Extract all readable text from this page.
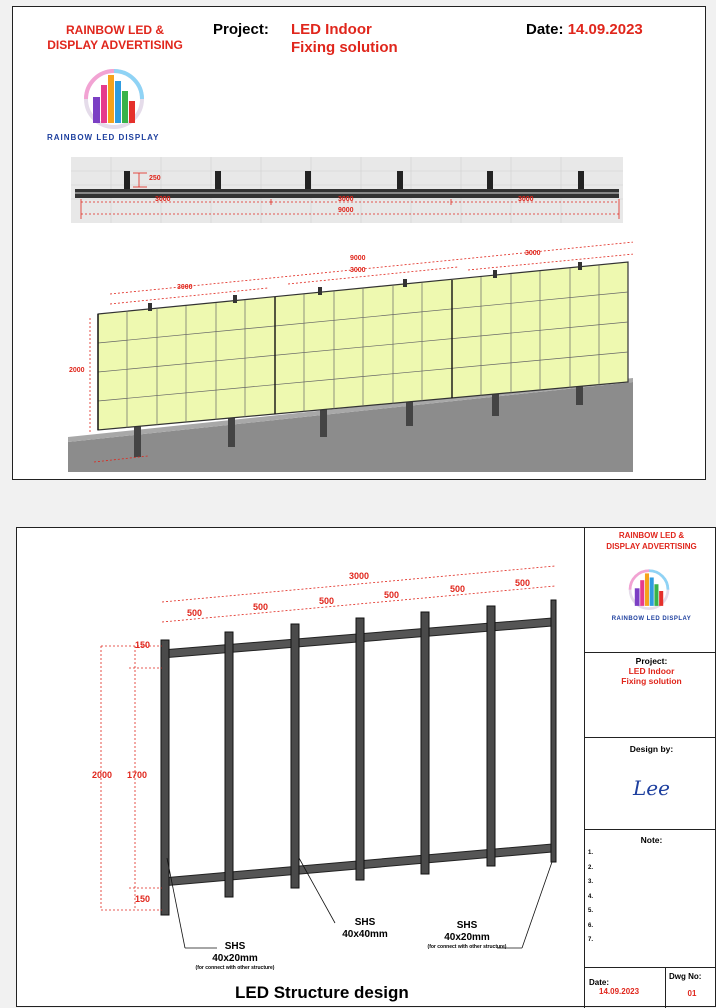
RAINBOW LED &
DISPLAY ADVERTISING
Project: LED Indoor
Fixing solution
Date: 14.09.2023
RAINBOW LED DISPLAY
250
3000	3000	3000
9000
9000
3000
3000
3000
2000
3000
500
500
500
500
500
500
2000 1700
150
150
SHS
40x20mm
(for connect with other structure)
SHS
40x40mm
SHS
40x20mm
(for connect with other structure)
LED Structure design
RAINBOW LED &
DISPLAY ADVERTISING
RAINBOW LED DISPLAY
Project:
LED Indoor
Fixing solution
Design by:
Lee
Note:
1.
2.
3.
4.
5.
6.
7.
Date:
14.09.2023
Dwg No:
01
